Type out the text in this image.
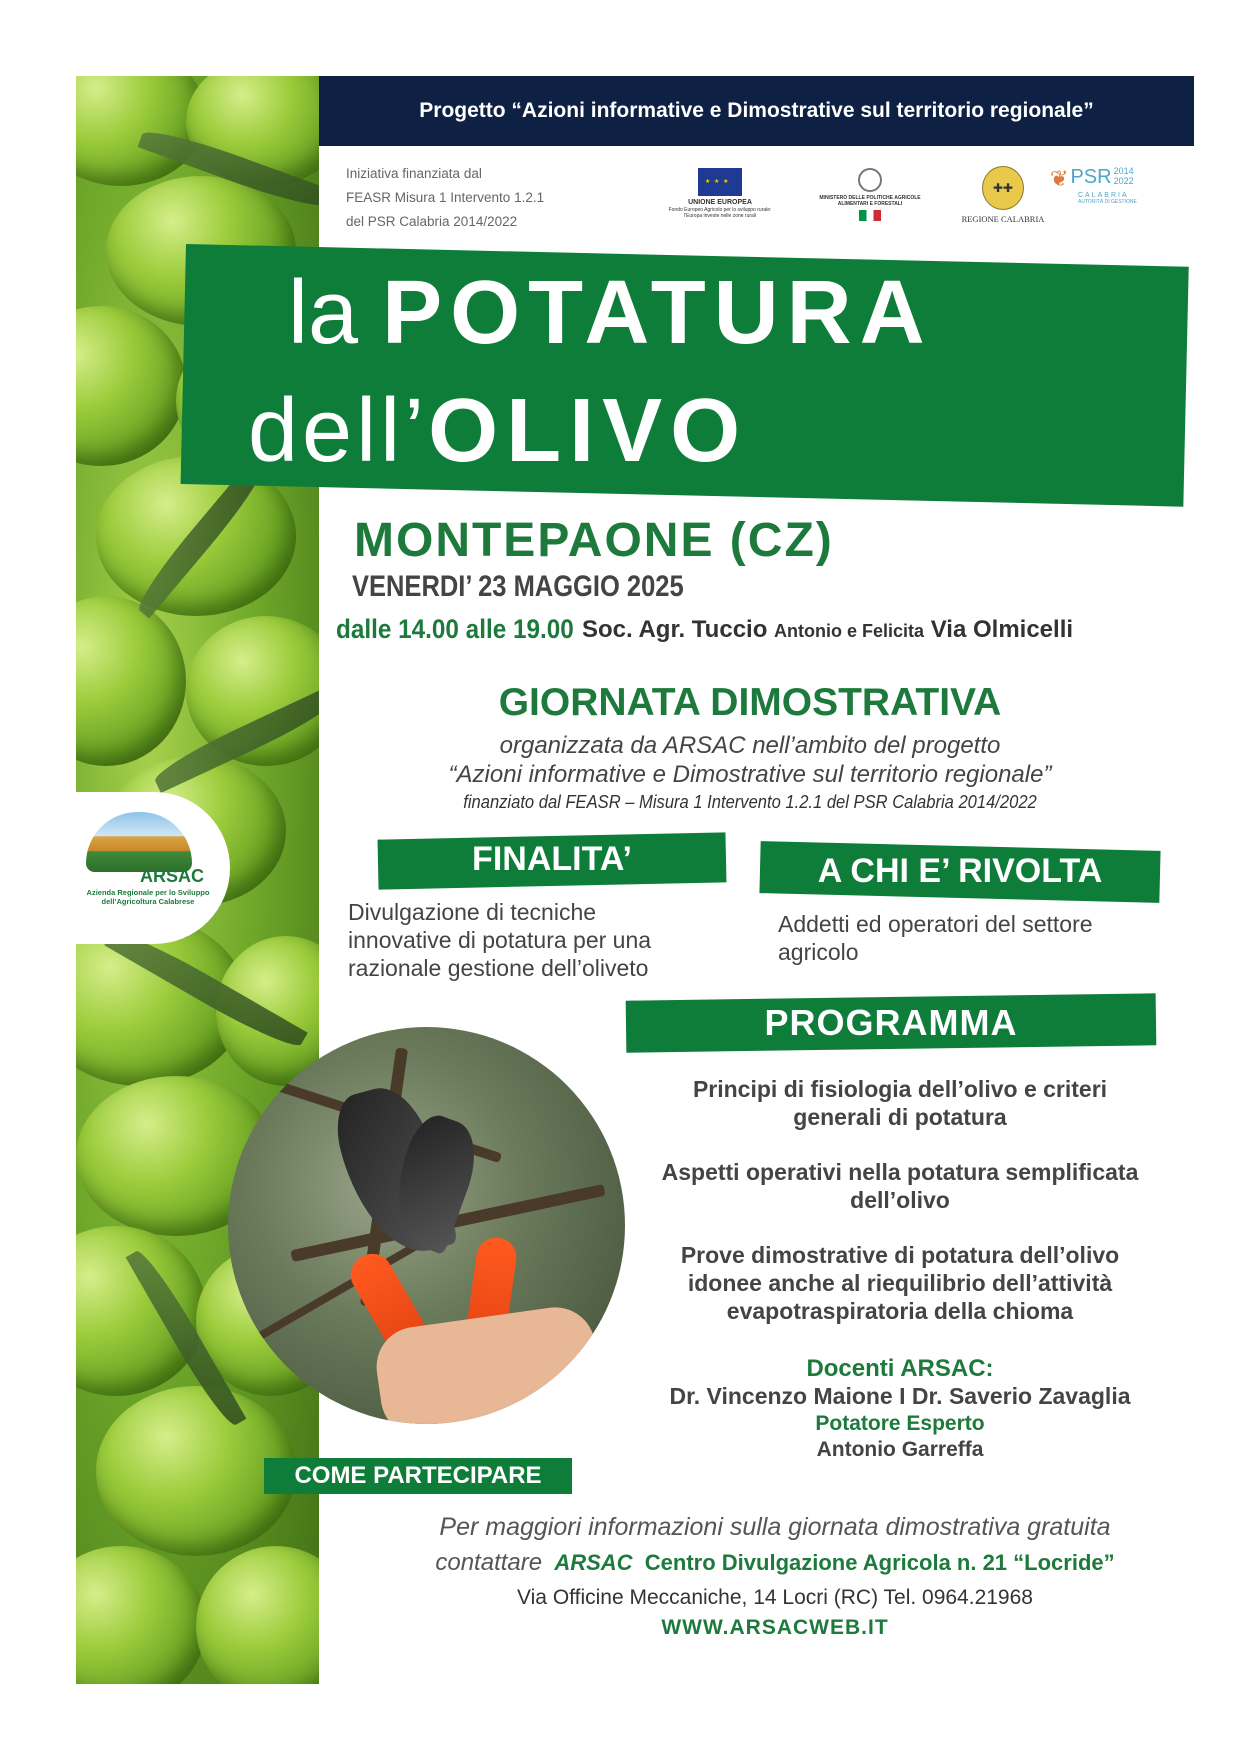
Progetto “Azioni informative e Dimostrative sul territorio regionale”
Iniziativa finanziata dal
FEASR Misura 1 Intervento 1.2.1
del PSR Calabria 2014/2022
★ ★ ★
UNIONE EUROPEA
Fondo Europeo Agricolo per lo sviluppo rurale:
l'Europa investe nelle zone rurali
MINISTERO DELLE POLITICHE AGRICOLE
ALIMENTARI E FORESTALI
✚✚
REGIONE CALABRIA
❦ PSR 2014
2022
CALABRIA
AUTORITÀ DI GESTIONE
la POTATURA
dell’OLIVO
MONTEPAONE (CZ)
VENERDI’ 23 MAGGIO 2025
dalle 14.00 alle 19.00 Soc. Agr. Tuccio Antonio e Felicita Via Olmicelli
GIORNATA DIMOSTRATIVA
organizzata da ARSAC nell’ambito del progetto
“Azioni informative e Dimostrative sul territorio regionale”
finanziato dal FEASR – Misura 1 Intervento 1.2.1 del PSR Calabria 2014/2022
ARSAC
Azienda Regionale per lo Sviluppo
dell’Agricoltura Calabrese
FINALITA’
Divulgazione di tecniche
innovative di potatura per una
razionale gestione dell’oliveto
A CHI E’ RIVOLTA
Addetti ed operatori del settore
agricolo
PROGRAMMA
Principi di fisiologia dell’olivo e criteri
generali di potatura
Aspetti operativi nella potatura semplificata
dell’olivo
Prove dimostrative di potatura dell’olivo
idonee anche al riequilibrio dell’attività
evapotraspiratoria della chioma
Docenti ARSAC:
Dr. Vincenzo Maione I Dr. Saverio Zavaglia
Potatore Esperto
Antonio Garreffa
COME PARTECIPARE
Per maggiori informazioni sulla giornata dimostrativa gratuita
contattare ARSAC Centro Divulgazione Agricola n. 21 “Locride”
Via Officine Meccaniche, 14 Locri (RC) Tel. 0964.21968
WWW.ARSACWEB.IT
